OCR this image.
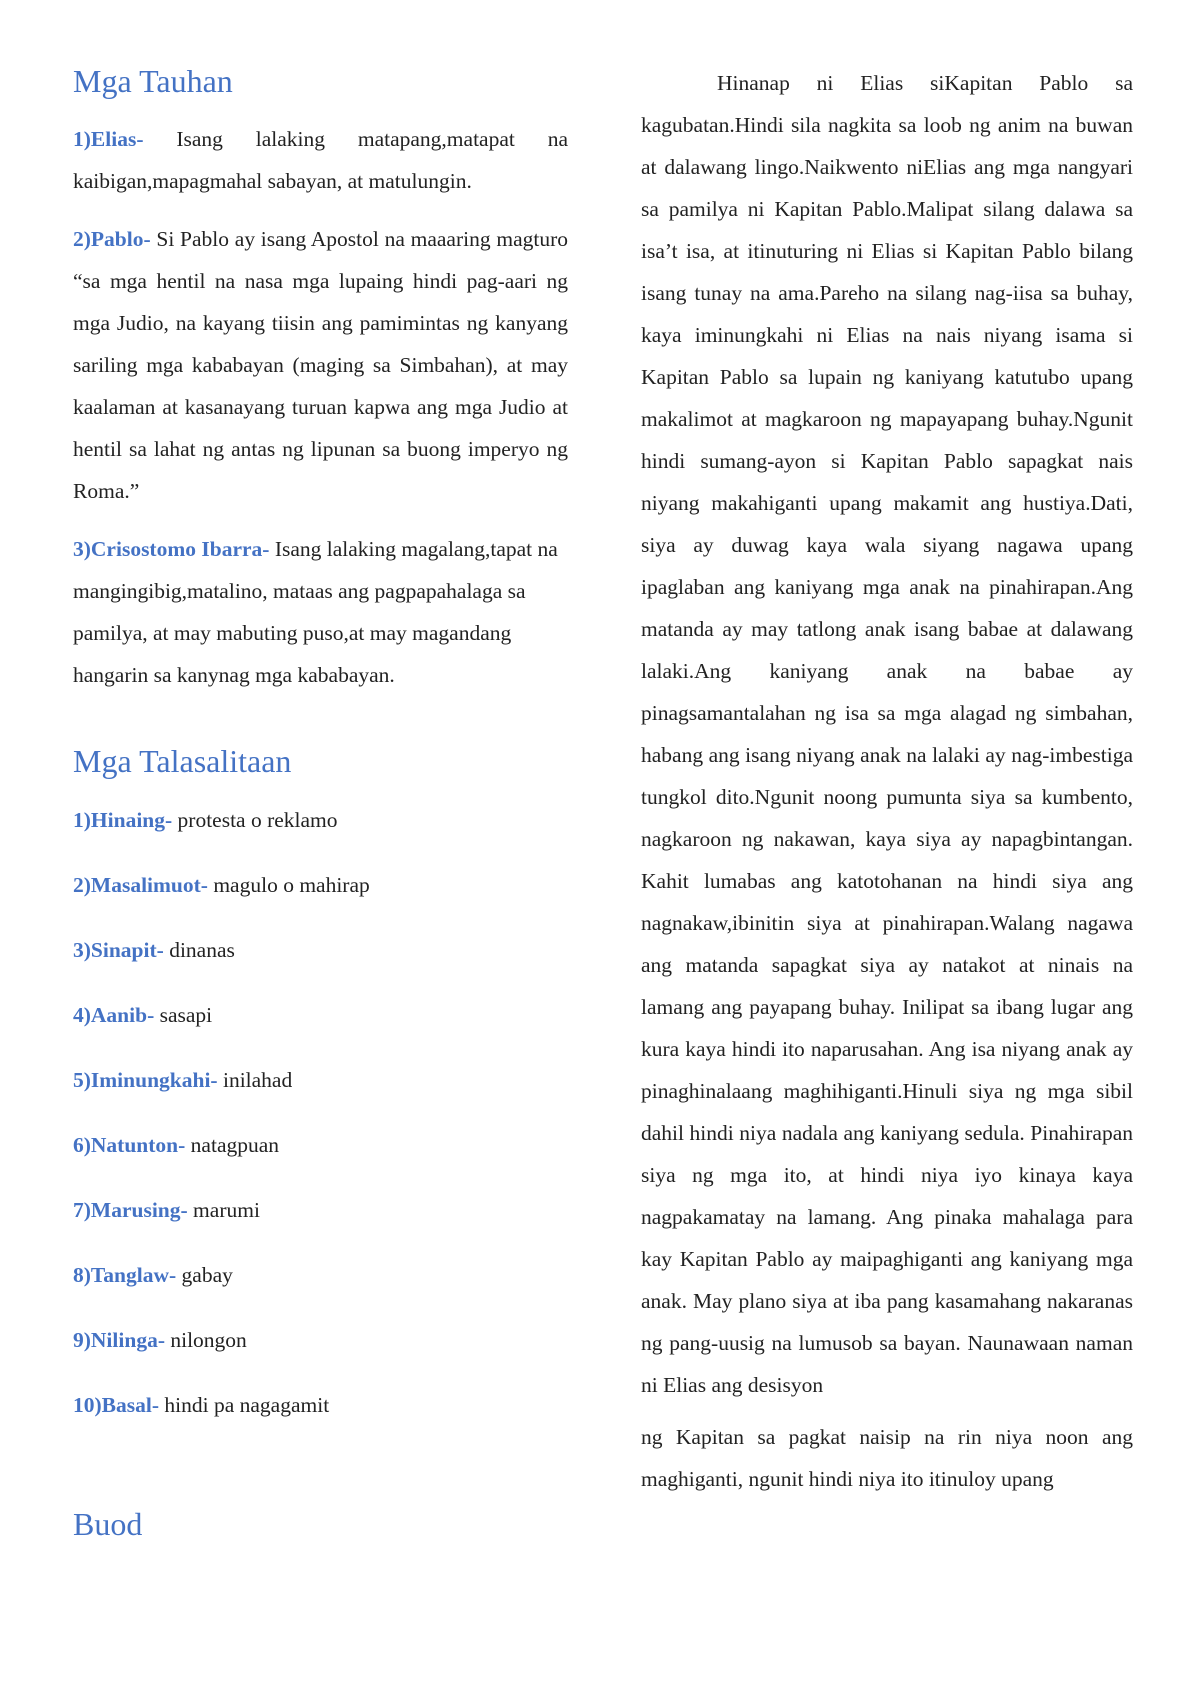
Mga Tauhan

1)Elias- Isang lalaking matapang,matapat na kaibigan,mapagmahal sabayan, at matulungin.

2)Pablo- Si Pablo ay isang Apostol na maaaring magturo “sa mga hentil na nasa mga lupaing hindi pag-aari ng mga Judio, na kayang tiisin ang pamimintas ng kanyang sariling mga kababayan (maging sa Simbahan), at may kaalaman at kasanayang turuan kapwa ang mga Judio at hentil sa lahat ng antas ng lipunan sa buong imperyo ng Roma.”

3)Crisostomo Ibarra- Isang lalaking magalang,tapat na mangingibig,matalino, mataas ang pagpapahalaga sa pamilya, at may mabuting puso,at may magandang hangarin sa kanynag mga kababayan.

Mga Talasalitaan
1)Hinaing- protesta o reklamo
2)Masalimuot- magulo o mahirap
3)Sinapit- dinanas
4)Aanib- sasapi
5)Iminungkahi- inilahad
6)Natunton- natagpuan
7)Marusing- marumi
8)Tanglaw- gabay
9)Nilinga- nilongon
10)Basal- hindi pa nagagamit
Buod

Hinanap ni Elias siKapitan Pablo sa kagubatan.Hindi sila nagkita sa loob ng anim na buwan at dalawang lingo.Naikwento niElias ang mga nangyari sa pamilya ni Kapitan Pablo.Malipat silang dalawa sa isa’t isa, at itinuturing ni Elias si Kapitan Pablo bilang isang tunay na ama.Pareho na silang nag-iisa sa buhay, kaya iminungkahi ni Elias na nais niyang isama si Kapitan Pablo sa lupain ng kaniyang katutubo upang makalimot at magkaroon ng mapayapang buhay.Ngunit hindi sumang-ayon si Kapitan Pablo sapagkat nais niyang makahiganti upang makamit ang hustiya.Dati, siya ay duwag kaya wala siyang nagawa upang ipaglaban ang kaniyang mga anak na pinahirapan.Ang matanda ay may tatlong anak isang babae at dalawang lalaki.Ang kaniyang anak na babae ay pinagsamantalahan ng isa sa mga alagad ng simbahan, habang ang isang niyang anak na lalaki ay nag-imbestiga tungkol dito.Ngunit noong pumunta siya sa kumbento, nagkaroon ng nakawan, kaya siya ay napagbintangan. Kahit lumabas ang katotohanan na hindi siya ang nagnakaw,ibinitin siya at pinahirapan.Walang nagawa ang matanda sapagkat siya ay natakot at ninais na lamang ang payapang buhay. Inilipat sa ibang lugar ang kura kaya hindi ito naparusahan. Ang isa niyang anak ay pinaghinalaang maghihiganti.Hinuli siya ng mga sibil dahil hindi niya nadala ang kaniyang sedula. Pinahirapan siya ng mga ito, at hindi niya iyo kinaya kaya nagpakamatay na lamang. Ang pinaka mahalaga para kay Kapitan Pablo ay maipaghiganti ang kaniyang mga anak. May plano siya at iba pang kasamahang nakaranas ng pang-uusig na lumusob sa bayan. Naunawaan naman ni Elias ang desisyon

ng Kapitan sa pagkat naisip na rin niya noon ang maghiganti, ngunit hindi niya ito itinuloy upang
